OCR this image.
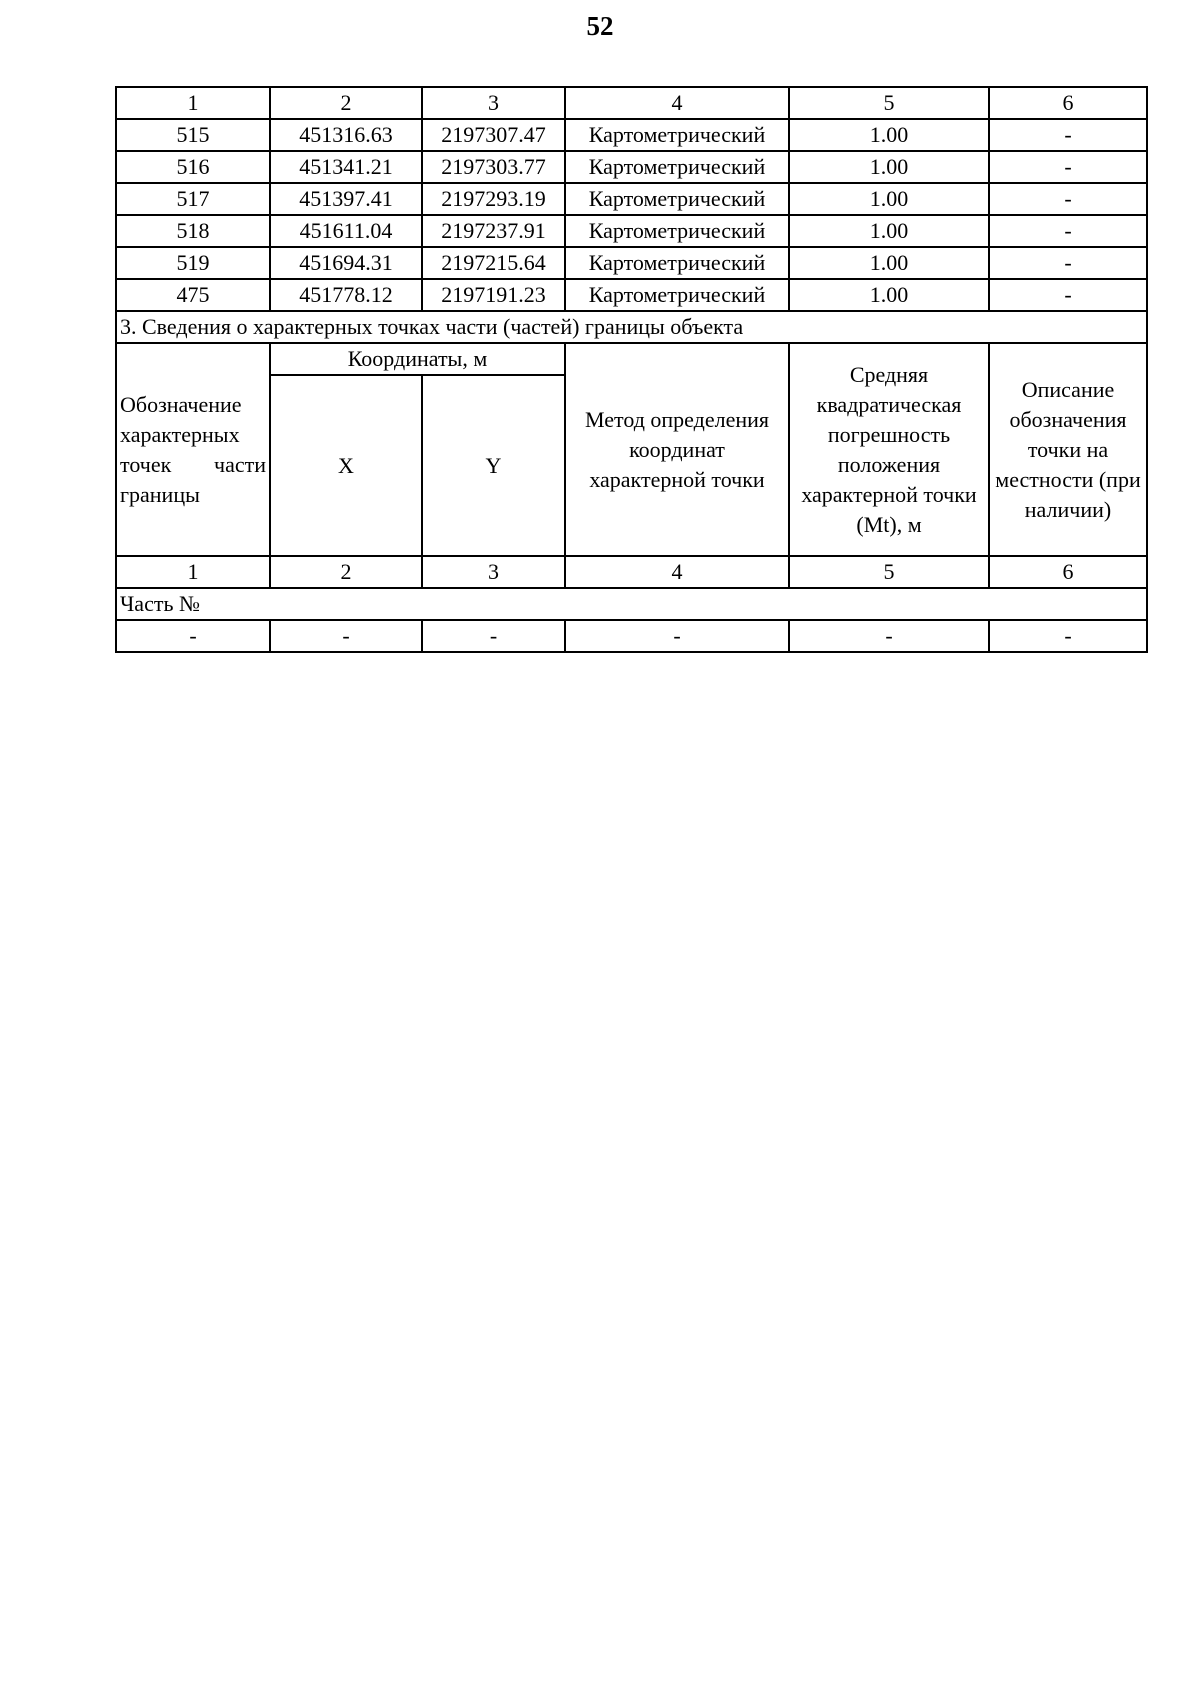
52
1	2	3	4	5	6
515	451316.63	2197307.47	Картометрический	1.00	-
516	451341.21	2197303.77	Картометрический	1.00	-
517	451397.41	2197293.19	Картометрический	1.00	-
518	451611.04	2197237.91	Картометрический	1.00	-
519	451694.31	2197215.64	Картометрический	1.00	-
475	451778.12	2197191.23	Картометрический	1.00	-
3. Сведения о характерных точках части (частей) границы объекта					
Обозначение характерных точек части границы	Координаты, м		Метод определения координат характерной точки	Средняя квадратическая погрешность положения характерной точки (Mt), м	Описание обозначения точки на местности (при наличии)
	X	Y			
1	2	3	4	5	6
Часть №					
-	-	-	-	-	-
